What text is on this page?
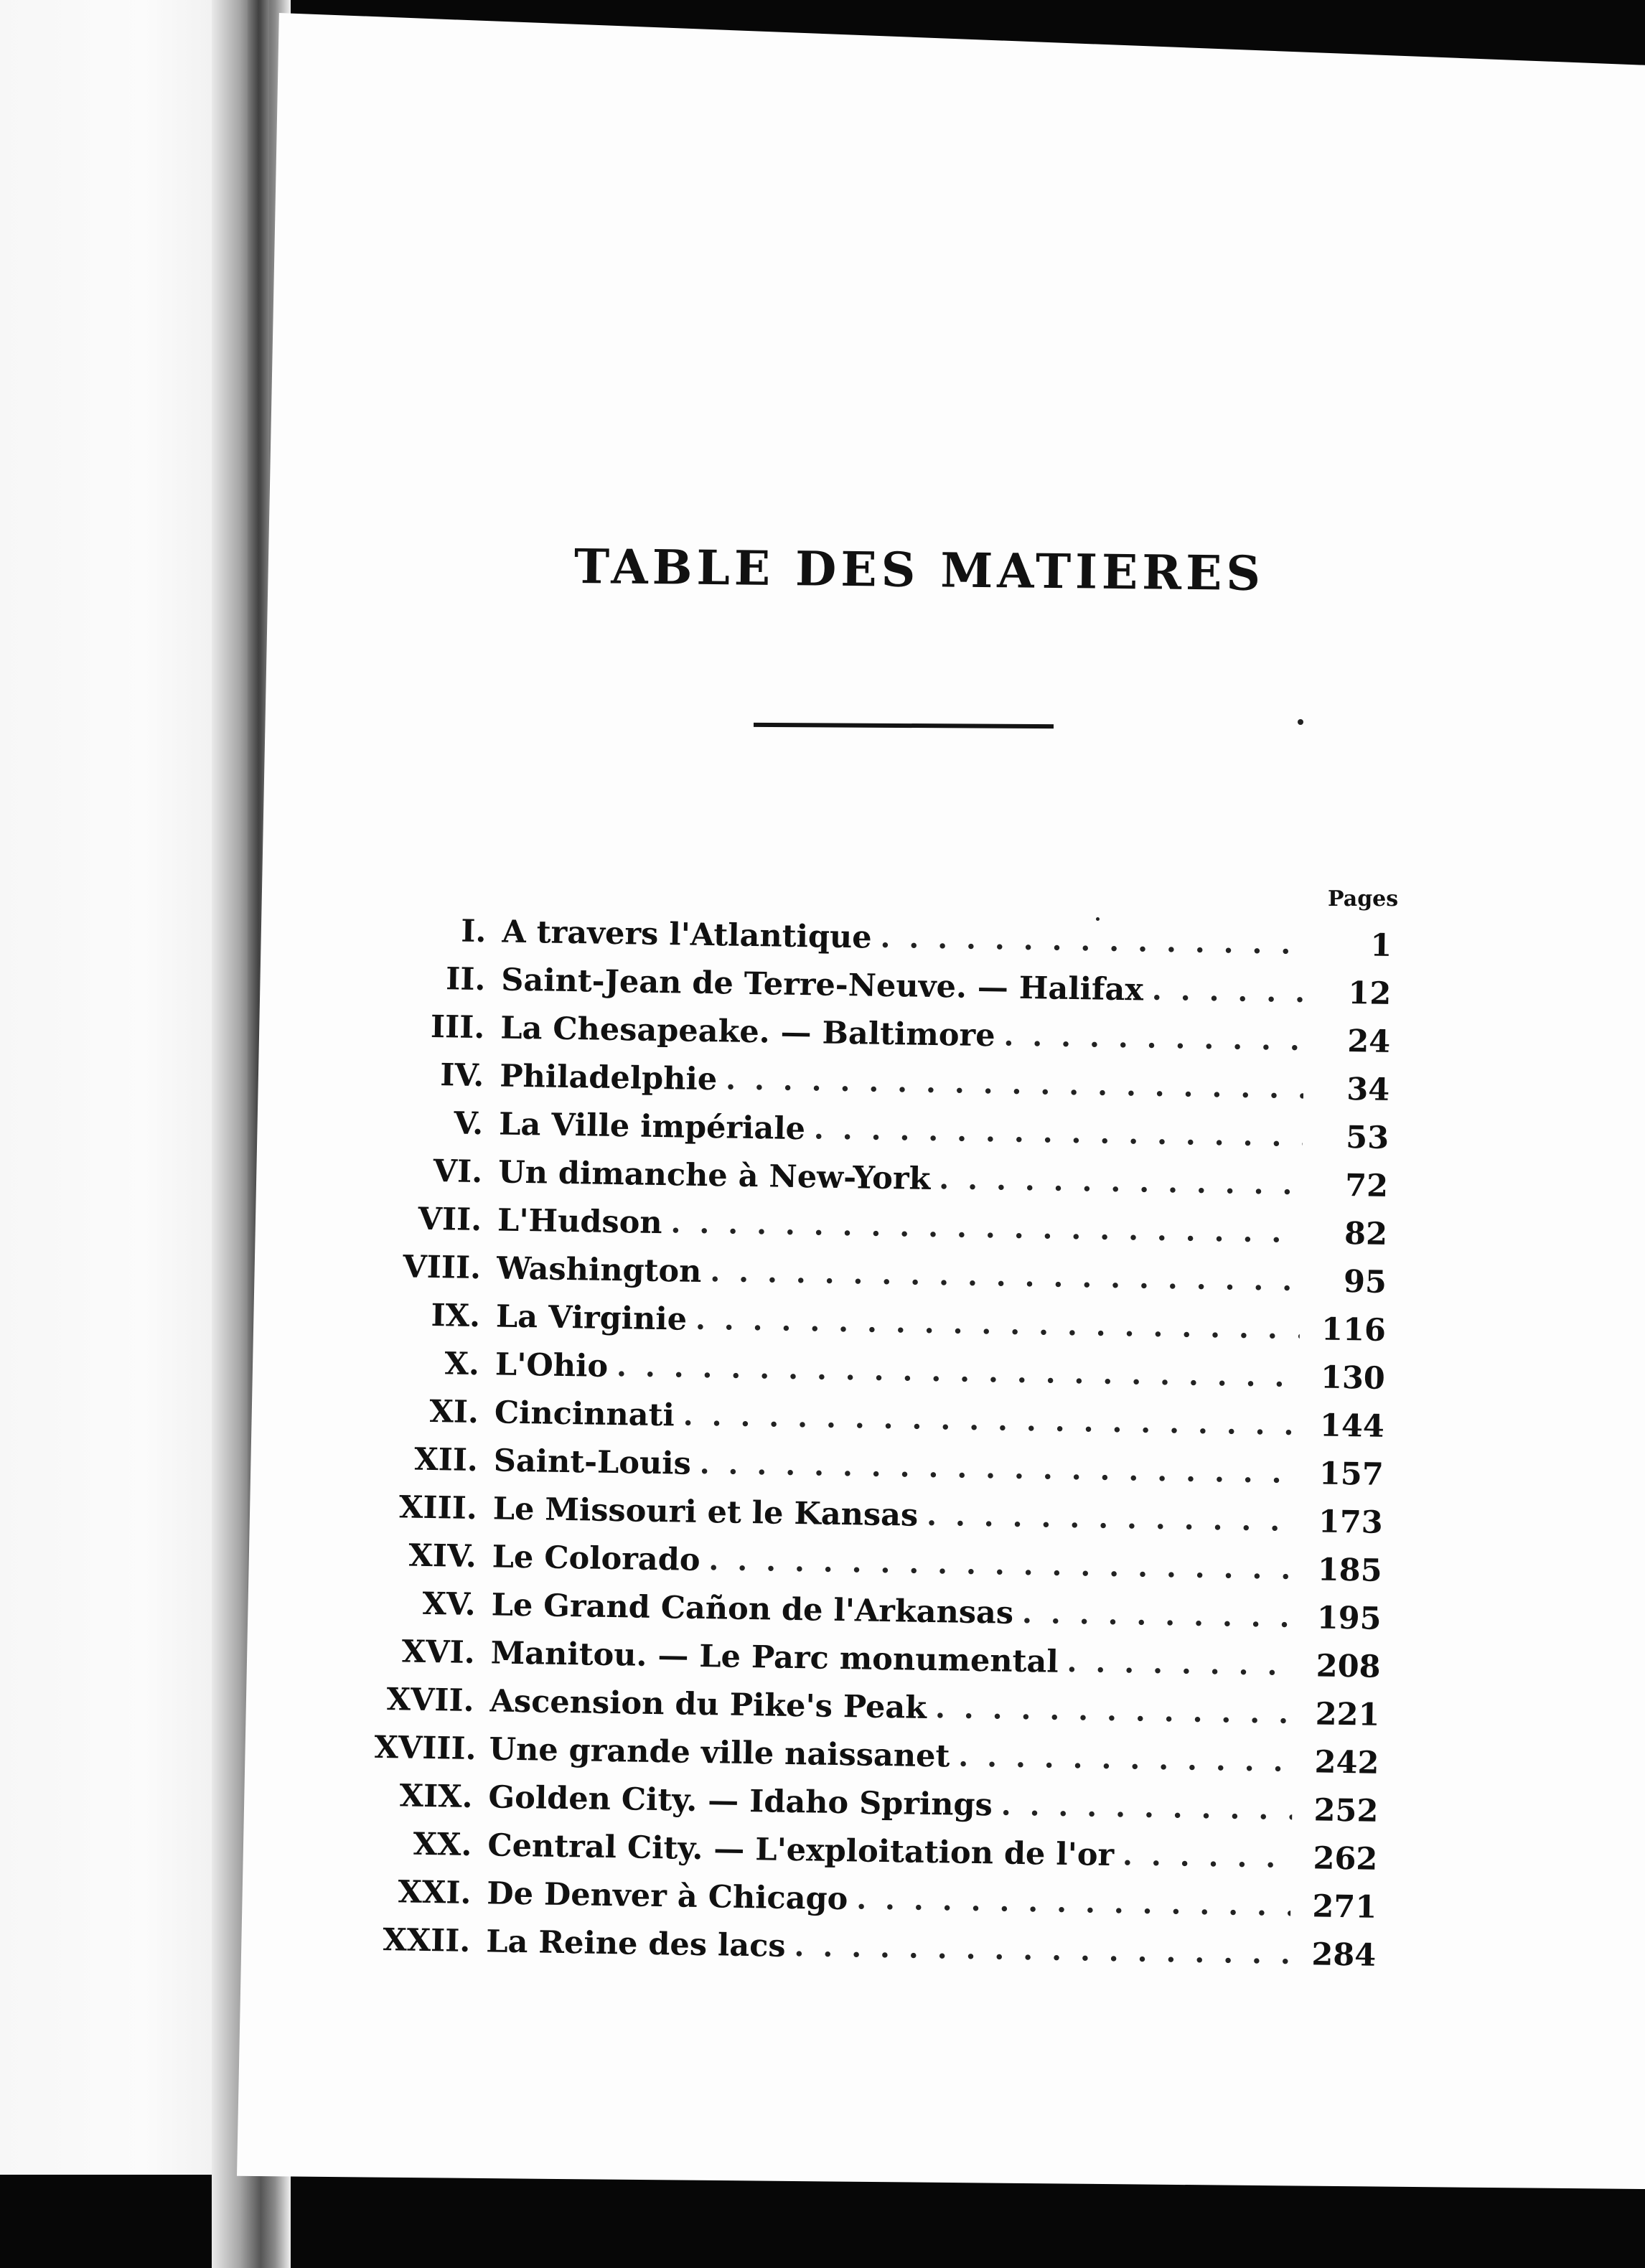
TABLE DES MATIERES
Pages
I. A travers l'Atlantique . . .	1
II. Saint-Jean de Terre-Neuve. — Halifax . . .	12
III. La Chesapeake. — Baltimore . . .	24
IV. Philadelphie . . .	34
V. La Ville impériale . . .	53
VI. Un dimanche à New-York . . .	72
VII. L'Hudson . . .	82
VIII. Washington . . .	95
IX. La Virginie . . .	116
X. L'Ohio . . .	130
XI. Cincinnati . . .	144
XII. Saint-Louis . . .	157
XIII. Le Missouri et le Kansas . . .	173
XIV. Le Colorado . . .	185
XV. Le Grand Cañon de l'Arkansas . . .	195
XVI. Manitou. — Le Parc monumental . . .	208
XVII. Ascension du Pike's Peak . . .	221
XVIII. Une grande ville naissanet . . .	242
XIX. Golden City. — Idaho Springs . . .	252
XX. Central City. — L'exploitation de l'or . . .	262
XXI. De Denver à Chicago . . .	271
XXII. La Reine des lacs . . .	284
